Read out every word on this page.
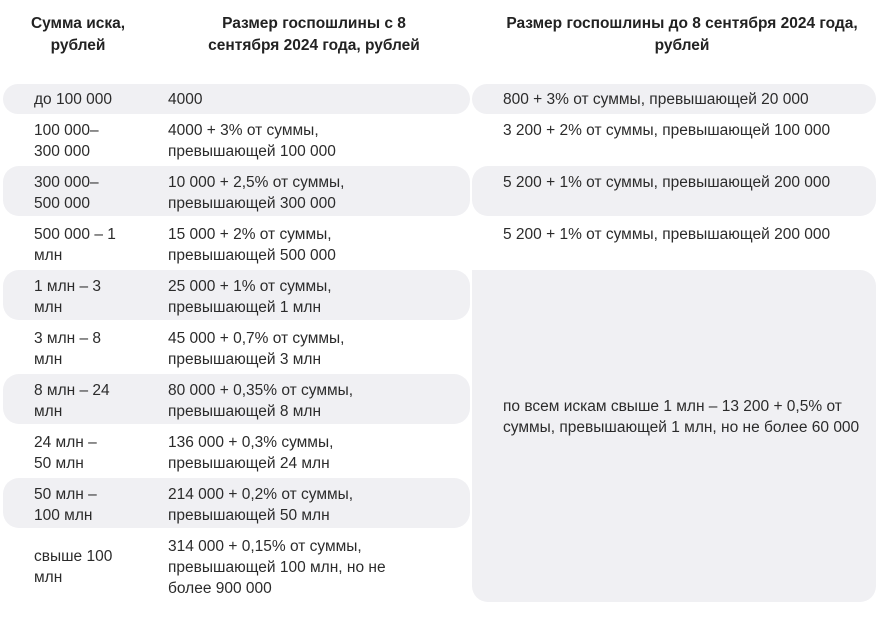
Сумма иска, рублей
Размер госпошлины с 8 сентября 2024 года, рублей
Размер госпошлины до 8 сентября 2024 года, рублей
до 100 000	4000	800 + 3% от суммы, превышающей 20 000
100 000–300 000
4000 + 3% от суммы, превышающей 100 000
3 200 + 2% от суммы, превышающей 100 000
300 000–500 000
10 000 + 2,5% от суммы, превышающей 300 000
5 200 + 1% от суммы, превышающей 200 000
500 000 – 1 млн
15 000 + 2% от суммы, превышающей 500 000
5 200 + 1% от суммы, превышающей 200 000
1 млн – 3 млн
25 000 + 1% от суммы, превышающей 1 млн
3 млн – 8 млн
45 000 + 0,7% от суммы, превышающей 3 млн
8 млн – 24 млн
80 000 + 0,35% от суммы, превышающей 8 млн
24 млн – 50 млн
136 000 + 0,3% суммы, превышающей 24 млн
50 млн – 100 млн
214 000 + 0,2% от суммы, превышающей 50 млн
свыше 100 млн
314 000 + 0,15% от суммы, превышающей 100 млн, но не более 900 000
по всем искам свыше 1 млн – 13 200 + 0,5% от суммы, превышающей 1 млн, но не более 60 000
